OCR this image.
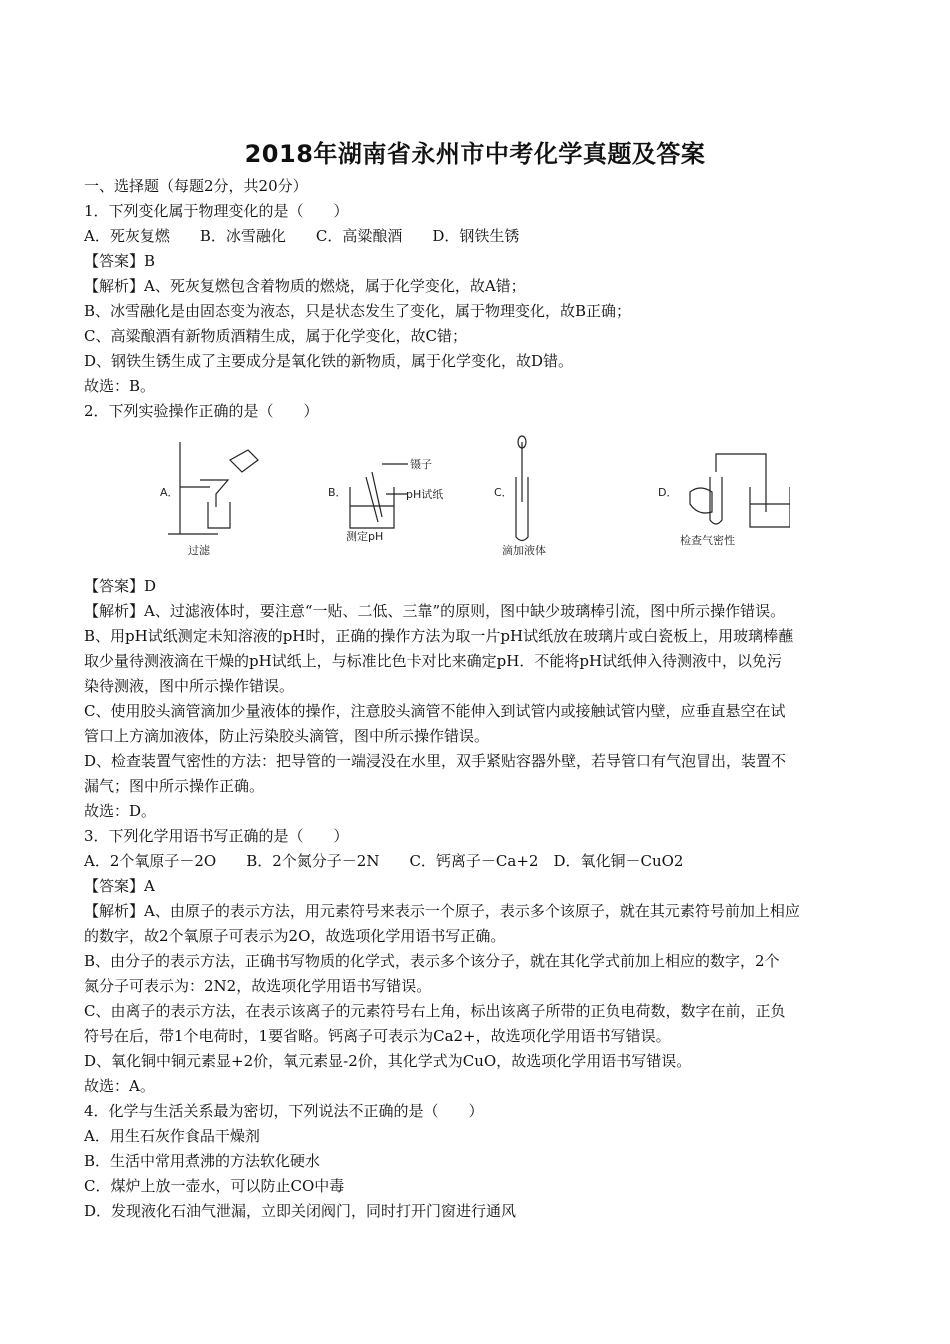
2018年湖南省永州市中考化学真题及答案
一、选择题（每题2分，共20分）
1．下列变化属于物理变化的是（　　）
A．死灰复燃　　B．冰雪融化　　C．高粱酿酒　　D．钢铁生锈
【答案】B
【解析】A、死灰复燃包含着物质的燃烧，属于化学变化，故A错；
B、冰雪融化是由固态变为液态，只是状态发生了变化，属于物理变化，故B正确；
C、高粱酿酒有新物质酒精生成，属于化学变化，故C错；
D、钢铁生锈生成了主要成分是氧化铁的新物质，属于化学变化，故D错。
故选：B。
2．下列实验操作正确的是（　　）
A．	B．	C．	D．
镊子
pH试纸
过滤
测定pH
滴加液体
检查气密性
【答案】D
【解析】A、过滤液体时，要注意“一贴、二低、三靠”的原则，图中缺少玻璃棒引流，图中所示操作错误。
B、用pH试纸测定未知溶液的pH时，正确的操作方法为取一片pH试纸放在玻璃片或白瓷板上，用玻璃棒蘸
取少量待测液滴在干燥的pH试纸上，与标准比色卡对比来确定pH．不能将pH试纸伸入待测液中，以免污
染待测液，图中所示操作错误。
C、使用胶头滴管滴加少量液体的操作，注意胶头滴管不能伸入到试管内或接触试管内壁，应垂直悬空在试
管口上方滴加液体，防止污染胶头滴管，图中所示操作错误。
D、检查装置气密性的方法：把导管的一端浸没在水里，双手紧贴容器外壁，若导管口有气泡冒出，装置不
漏气；图中所示操作正确。
故选：D。
3．下列化学用语书写正确的是（　　）
A．2个氧原子－2O　　B．2个氮分子－2N　　C．钙离子－Ca+2　D．氧化铜－CuO2
【答案】A
【解析】A、由原子的表示方法，用元素符号来表示一个原子，表示多个该原子，就在其元素符号前加上相应
的数字，故2个氧原子可表示为2O，故选项化学用语书写正确。
B、由分子的表示方法，正确书写物质的化学式，表示多个该分子，就在其化学式前加上相应的数字，2个
氮分子可表示为：2N2，故选项化学用语书写错误。
C、由离子的表示方法，在表示该离子的元素符号右上角，标出该离子所带的正负电荷数，数字在前，正负
符号在后，带1个电荷时，1要省略。钙离子可表示为Ca2+，故选项化学用语书写错误。
D、氧化铜中铜元素显+2价，氧元素显-2价，其化学式为CuO，故选项化学用语书写错误。
故选：A。
4．化学与生活关系最为密切，下列说法不正确的是（　　）
A．用生石灰作食品干燥剂
B．生活中常用煮沸的方法软化硬水
C．煤炉上放一壶水，可以防止CO中毒
D．发现液化石油气泄漏，立即关闭阀门，同时打开门窗进行通风
